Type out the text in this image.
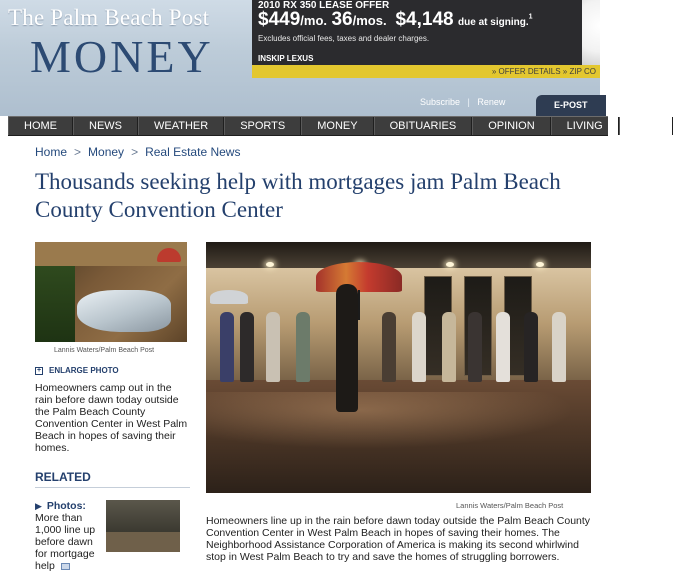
The Palm Beach Post
MONEY
2010 RX 350 LEASE OFFER
$449/mo. 36/mos. $4,148 due at signing.$^1$
Excludes official fees, taxes and dealer charges.
INSKIP LEXUS
» OFFER DETAILS » ZIP CO
Subscribe | Renew	E-POST
HOME	NEWS	WEATHER	SPORTS	MONEY	OBITUARIES	OPINION	LIVING	ENT
Home > Money > Real Estate News
Thousands seeking help with mortgages jam Palm Beach County Convention Center
Lannis Waters/Palm Beach Post
+ ENLARGE PHOTO
Homeowners camp out in the rain before dawn today outside the Palm Beach County Convention Center in West Palm Beach in hopes of saving their homes.
RELATED
▶ Photos: More than 1,000 line up before dawn for mortgage help
Lannis Waters/Palm Beach Post
Homeowners line up in the rain before dawn today outside the Palm Beach County Convention Center in West Palm Beach in hopes of saving their homes. The Neighborhood Assistance Corporation of America is making its second whirlwind stop in West Palm Beach to try and save the homes of struggling borrowers.
